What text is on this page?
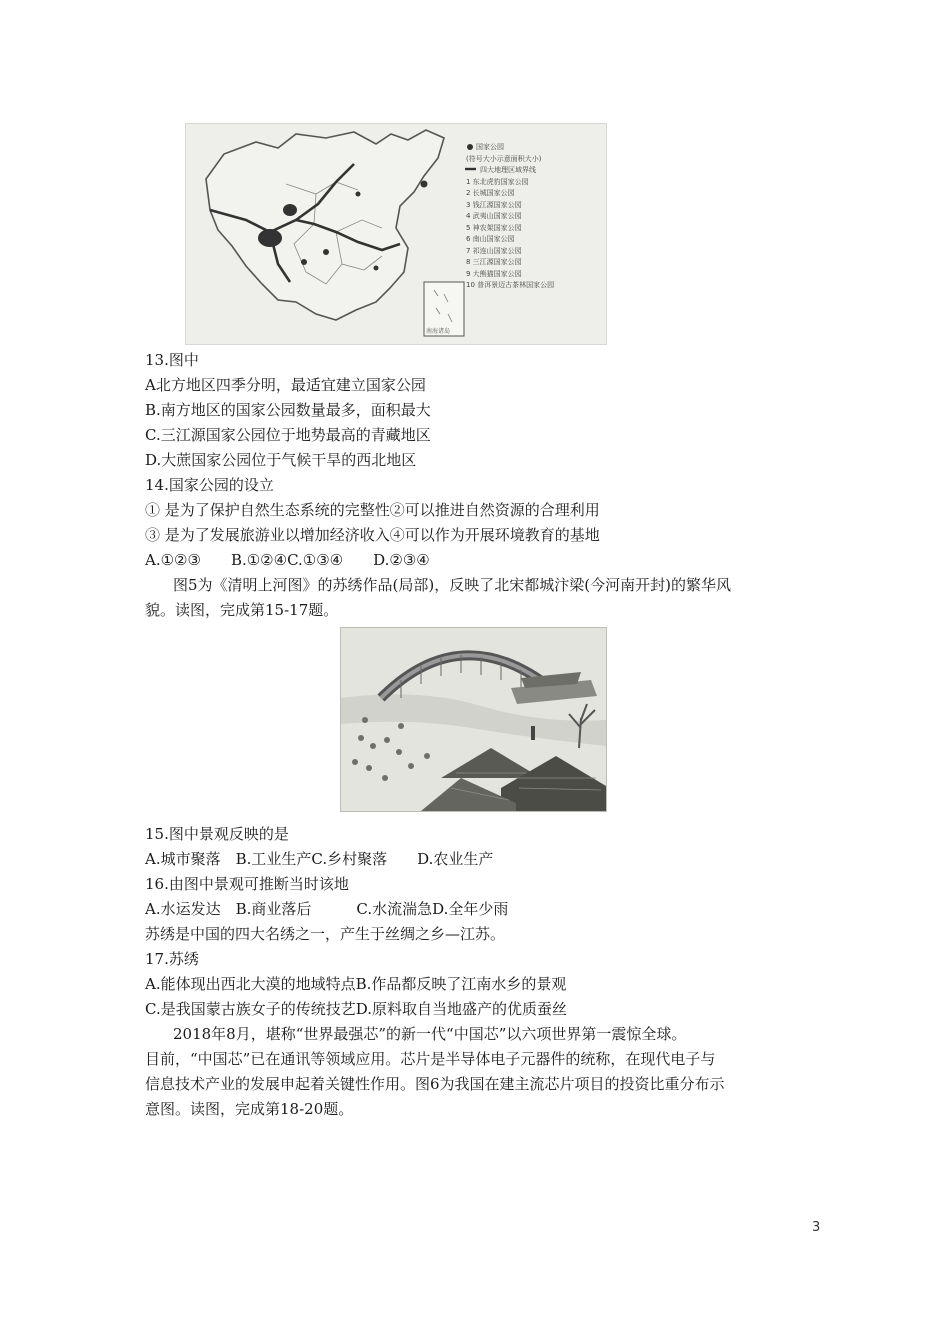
国家公园
(符号大小示意面积大小)
四大地理区域界线
1 东北虎豹国家公园
2 长城国家公园
3 钱江源国家公园
4 武夷山国家公园
5 神农架国家公园
6 南山国家公园
7 祁连山国家公园
8 三江源国家公园
9 大熊猫国家公园
10 普洱景迈古茶林国家公园
南海诸岛
13.图中
A北方地区四季分明，最适宜建立国家公园
B.南方地区的国家公园数量最多，面积最大
C.三江源国家公园位于地势最高的青藏地区
D.大蔗国家公园位于气候干旱的西北地区
14.国家公园的设立
① 是为了保护自然生态系统的完整性②可以推进自然资源的合理利用
③ 是为了发展旅游业以增加经济收入④可以作为开展环境教育的基地
A.①②③　　B.①②④C.①③④　　D.②③④
图5为《清明上河图》的苏绣作品(局部)，反映了北宋都城汴梁(今河南开封)的繁华风
貌。读图，完成第15-17题。
15.图中景观反映的是
A.城市聚落　B.工业生产C.乡村聚落　　D.农业生产
16.由图中景观可推断当时该地
A.水运发达　B.商业落后　　　C.水流湍急D.全年少雨
苏绣是中国的四大名绣之一，产生于丝绸之乡—江苏。
17.苏绣
A.能体现出西北大漠的地域特点B.作品都反映了江南水乡的景观
C.是我国蒙古族女子的传统技艺D.原料取自当地盛产的优质蚕丝
2018年8月，堪称“世界最强芯”的新一代“中国芯”以六项世界第一震惊全球。
目前，“中国芯”已在通讯等领域应用。芯片是半导体电子元器件的统称，在现代电子与
信息技术产业的发展申起着关键性作用。图6为我国在建主流芯片项目的投资比重分布示
意图。读图，完成第18-20题。
3
